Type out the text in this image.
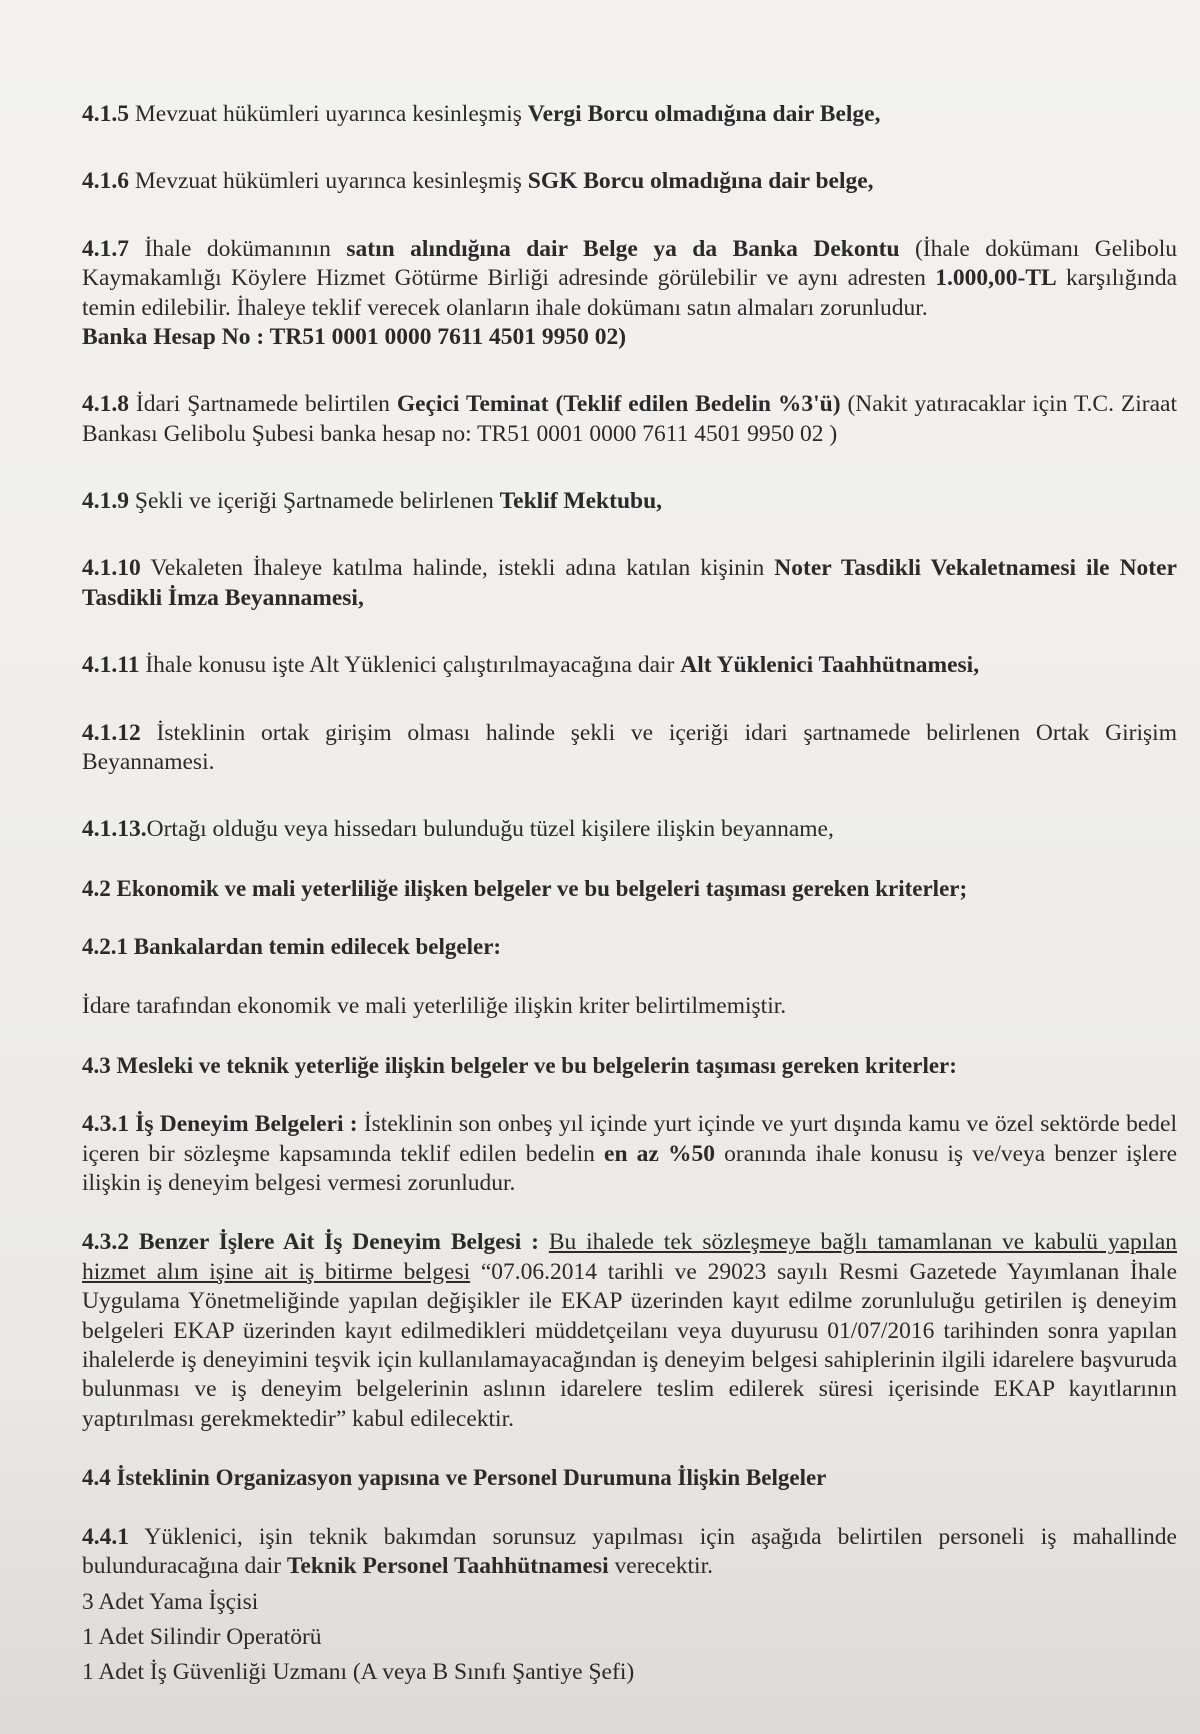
4.1.5 Mevzuat hükümleri uyarınca kesinleşmiş Vergi Borcu olmadığına dair Belge,

4.1.6 Mevzuat hükümleri uyarınca kesinleşmiş SGK Borcu olmadığına dair belge,

4.1.7 İhale dokümanının satın alındığına dair Belge ya da Banka Dekontu (İhale dokümanı Gelibolu Kaymakamlığı Köylere Hizmet Götürme Birliği adresinde görülebilir ve aynı adresten 1.000,00-TL karşılığında temin edilebilir. İhaleye teklif verecek olanların ihale dokümanı satın almaları zorunludur.
Banka Hesap No : TR51 0001 0000 7611 4501 9950 02)

4.1.8 İdari Şartnamede belirtilen Geçici Teminat (Teklif edilen Bedelin %3'ü) (Nakit yatıracaklar için T.C. Ziraat Bankası Gelibolu Şubesi banka hesap no: TR51 0001 0000 7611 4501 9950 02 )

4.1.9 Şekli ve içeriği Şartnamede belirlenen Teklif Mektubu,

4.1.10 Vekaleten İhaleye katılma halinde, istekli adına katılan kişinin Noter Tasdikli Vekaletnamesi ile Noter Tasdikli İmza Beyannamesi,

4.1.11 İhale konusu işte Alt Yüklenici çalıştırılmayacağına dair Alt Yüklenici Taahhütnamesi,

4.1.12 İsteklinin ortak girişim olması halinde şekli ve içeriği idari şartnamede belirlenen Ortak Girişim Beyannamesi.

4.1.13.Ortağı olduğu veya hissedarı bulunduğu tüzel kişilere ilişkin beyanname,

4.2 Ekonomik ve mali yeterliliğe ilişken belgeler ve bu belgeleri taşıması gereken kriterler;

4.2.1 Bankalardan temin edilecek belgeler:

İdare tarafından ekonomik ve mali yeterliliğe ilişkin kriter belirtilmemiştir.

4.3 Mesleki ve teknik yeterliğe ilişkin belgeler ve bu belgelerin taşıması gereken kriterler:

4.3.1 İş Deneyim Belgeleri : İsteklinin son onbeş yıl içinde yurt içinde ve yurt dışında kamu ve özel sektörde bedel içeren bir sözleşme kapsamında teklif edilen bedelin en az %50 oranında ihale konusu iş ve/veya benzer işlere ilişkin iş deneyim belgesi vermesi zorunludur.

4.3.2 Benzer İşlere Ait İş Deneyim Belgesi : Bu ihalede tek sözleşmeye bağlı tamamlanan ve kabulü yapılan hizmet alım işine ait iş bitirme belgesi “07.06.2014 tarihli ve 29023 sayılı Resmi Gazetede Yayımlanan İhale Uygulama Yönetmeliğinde yapılan değişikler ile EKAP üzerinden kayıt edilme zorunluluğu getirilen iş deneyim belgeleri EKAP üzerinden kayıt edilmedikleri müddetçeilanı veya duyurusu 01/07/2016 tarihinden sonra yapılan ihalelerde iş deneyimini teşvik için kullanılamayacağından iş deneyim belgesi sahiplerinin ilgili idarelere başvuruda bulunması ve iş deneyim belgelerinin aslının idarelere teslim edilerek süresi içerisinde EKAP kayıtlarının yaptırılması gerekmektedir” kabul edilecektir.

4.4 İsteklinin Organizasyon yapısına ve Personel Durumuna İlişkin Belgeler

4.4.1 Yüklenici, işin teknik bakımdan sorunsuz yapılması için aşağıda belirtilen personeli iş mahallinde bulunduracağına dair Teknik Personel Taahhütnamesi verecektir.

3 Adet Yama İşçisi

1 Adet Silindir Operatörü

1 Adet İş Güvenliği Uzmanı (A veya B Sınıfı Şantiye Şefi)
